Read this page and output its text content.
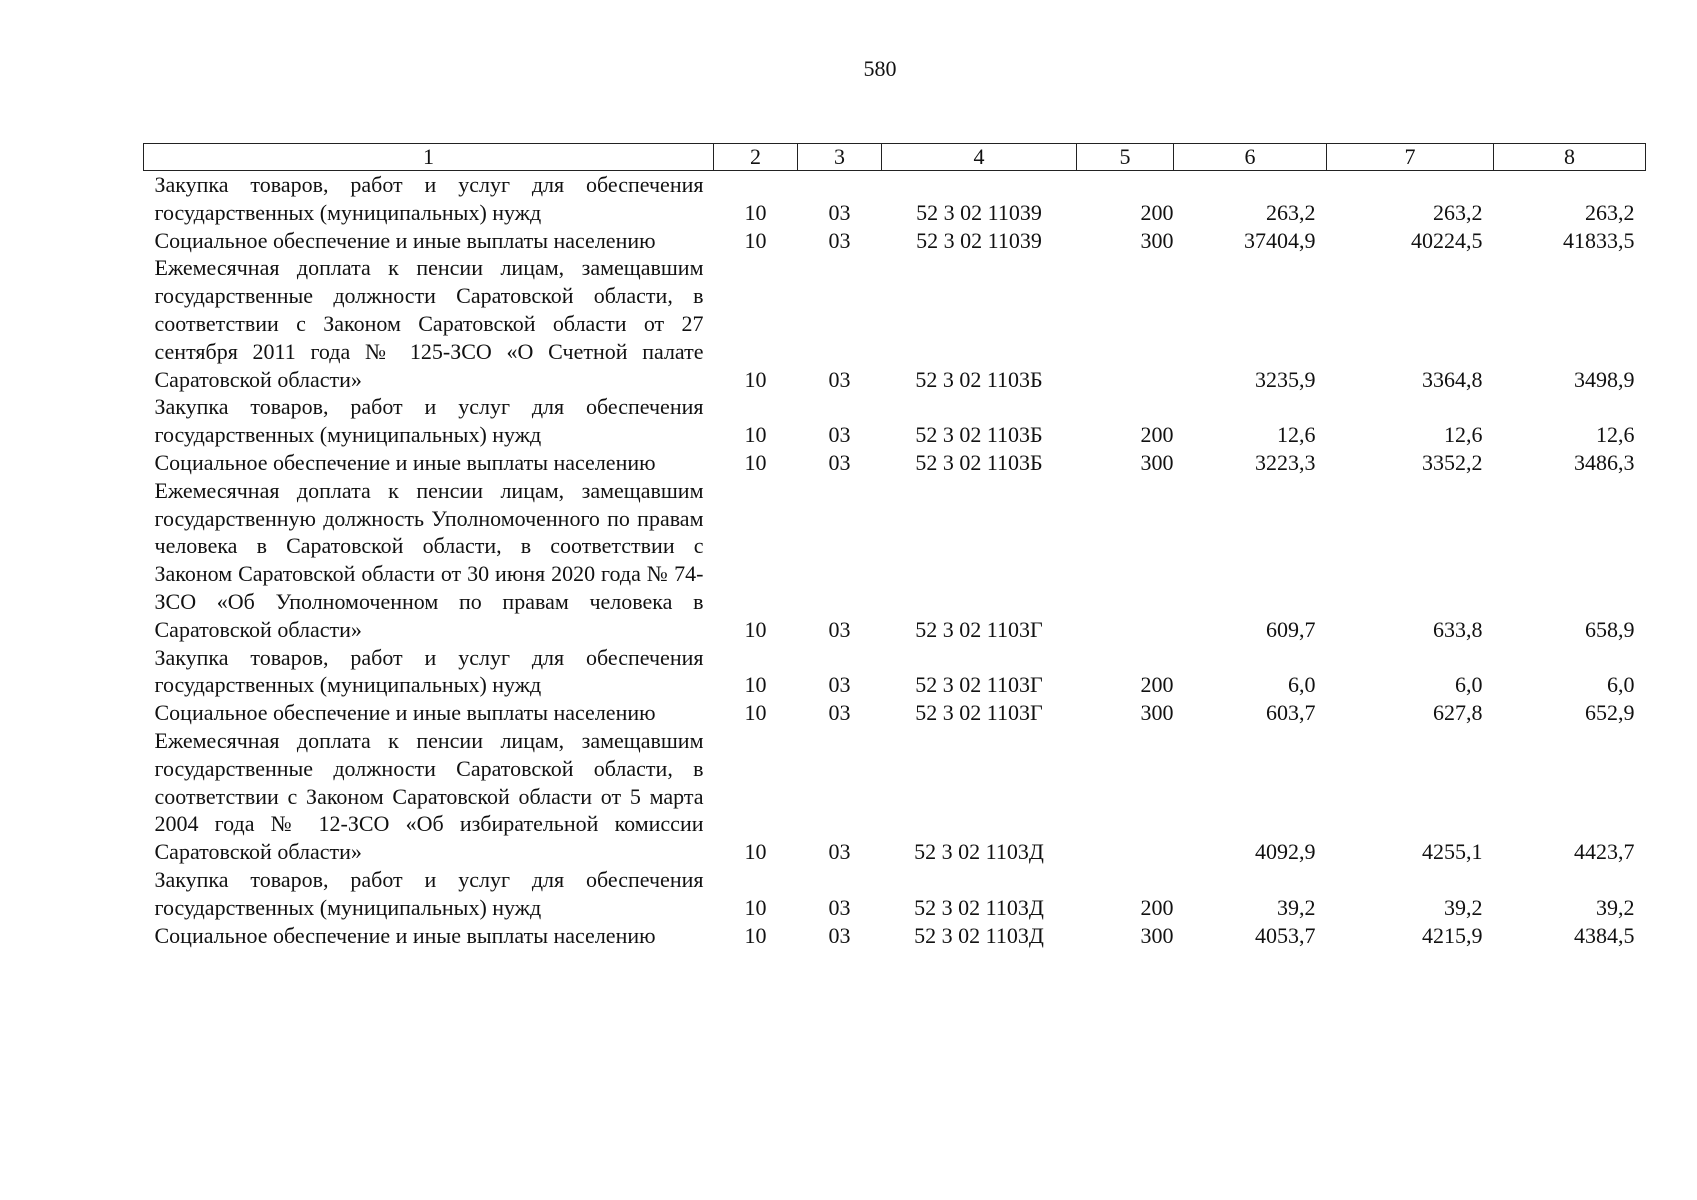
580
1	2	3	4	5	6	7	8
Закупка товаров, работ и услуг для обеспечения государственных (муниципальных) нужд	10	03	52 3 02 11039	200	263,2	263,2	263,2
Социальное обеспечение и иные выплаты населению	10	03	52 3 02 11039	300	37404,9	40224,5	41833,5
Ежемесячная доплата к пенсии лицам, замещавшим государственные должности Саратовской области, в соответствии с Законом Саратовской области от 27 сентября 2011 года № 125-ЗСО «О Счетной палате Саратовской области»	10	03	52 3 02 1103Б		3235,9	3364,8	3498,9
Закупка товаров, работ и услуг для обеспечения государственных (муниципальных) нужд	10	03	52 3 02 1103Б	200	12,6	12,6	12,6
Социальное обеспечение и иные выплаты населению	10	03	52 3 02 1103Б	300	3223,3	3352,2	3486,3
Ежемесячная доплата к пенсии лицам, замещавшим государственную должность Уполномоченного по правам человека в Саратовской области, в соответствии с Законом Саратовской области от 30 июня 2020 года № 74-ЗСО «Об Уполномоченном по правам человека в Саратовской области»	10	03	52 3 02 1103Г		609,7	633,8	658,9
Закупка товаров, работ и услуг для обеспечения государственных (муниципальных) нужд	10	03	52 3 02 1103Г	200	6,0	6,0	6,0
Социальное обеспечение и иные выплаты населению	10	03	52 3 02 1103Г	300	603,7	627,8	652,9
Ежемесячная доплата к пенсии лицам, замещавшим государственные должности Саратовской области, в соответствии с Законом Саратовской области от 5 марта 2004 года № 12-ЗСО «Об избирательной комиссии Саратовской области»	10	03	52 3 02 1103Д		4092,9	4255,1	4423,7
Закупка товаров, работ и услуг для обеспечения государственных (муниципальных) нужд	10	03	52 3 02 1103Д	200	39,2	39,2	39,2
Социальное обеспечение и иные выплаты населению	10	03	52 3 02 1103Д	300	4053,7	4215,9	4384,5
